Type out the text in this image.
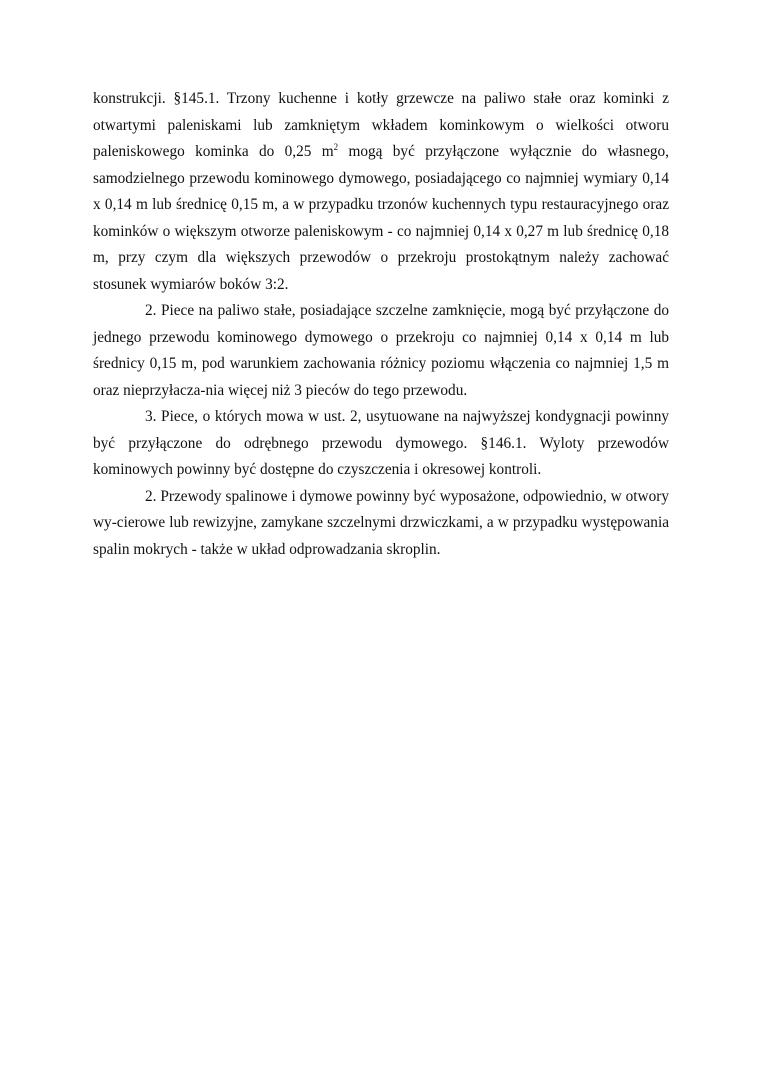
konstrukcji. §145.1. Trzony kuchenne i kotły grzewcze na paliwo stałe oraz kominki z otwartymi paleniskami lub zamkniętym wkładem kominkowym o wielkości otworu paleniskowego kominka do 0,25 $m^2$ mogą być przyłączone wyłącznie do własnego, samodzielnego przewodu kominowego dymowego, posiadającego co najmniej wymiary 0,14 x 0,14 m lub średnicę 0,15 m, a w przypadku trzonów kuchennych typu restauracyjnego oraz kominków o większym otworze paleniskowym - co najmniej 0,14 x 0,27 m lub średnicę 0,18 m, przy czym dla większych przewodów o przekroju prostokątnym należy zachować stosunek wymiarów boków 3:2.

2. Piece na paliwo stałe, posiadające szczelne zamknięcie, mogą być przyłączone do jednego przewodu kominowego dymowego o przekroju co najmniej 0,14 x 0,14 m lub średnicy 0,15 m, pod warunkiem zachowania różnicy poziomu włączenia co najmniej 1,5 m oraz nieprzyłacza-nia więcej niż 3 pieców do tego przewodu.

3. Piece, o których mowa w ust. 2, usytuowane na najwyższej kondygnacji powinny być przyłączone do odrębnego przewodu dymowego. §146.1. Wyloty przewodów kominowych powinny być dostępne do czyszczenia i okresowej kontroli.

2. Przewody spalinowe i dymowe powinny być wyposażone, odpowiednio, w otwory wy-cierowe lub rewizyjne, zamykane szczelnymi drzwiczkami, a w przypadku występowania spalin mokrych - także w układ odprowadzania skroplin.
